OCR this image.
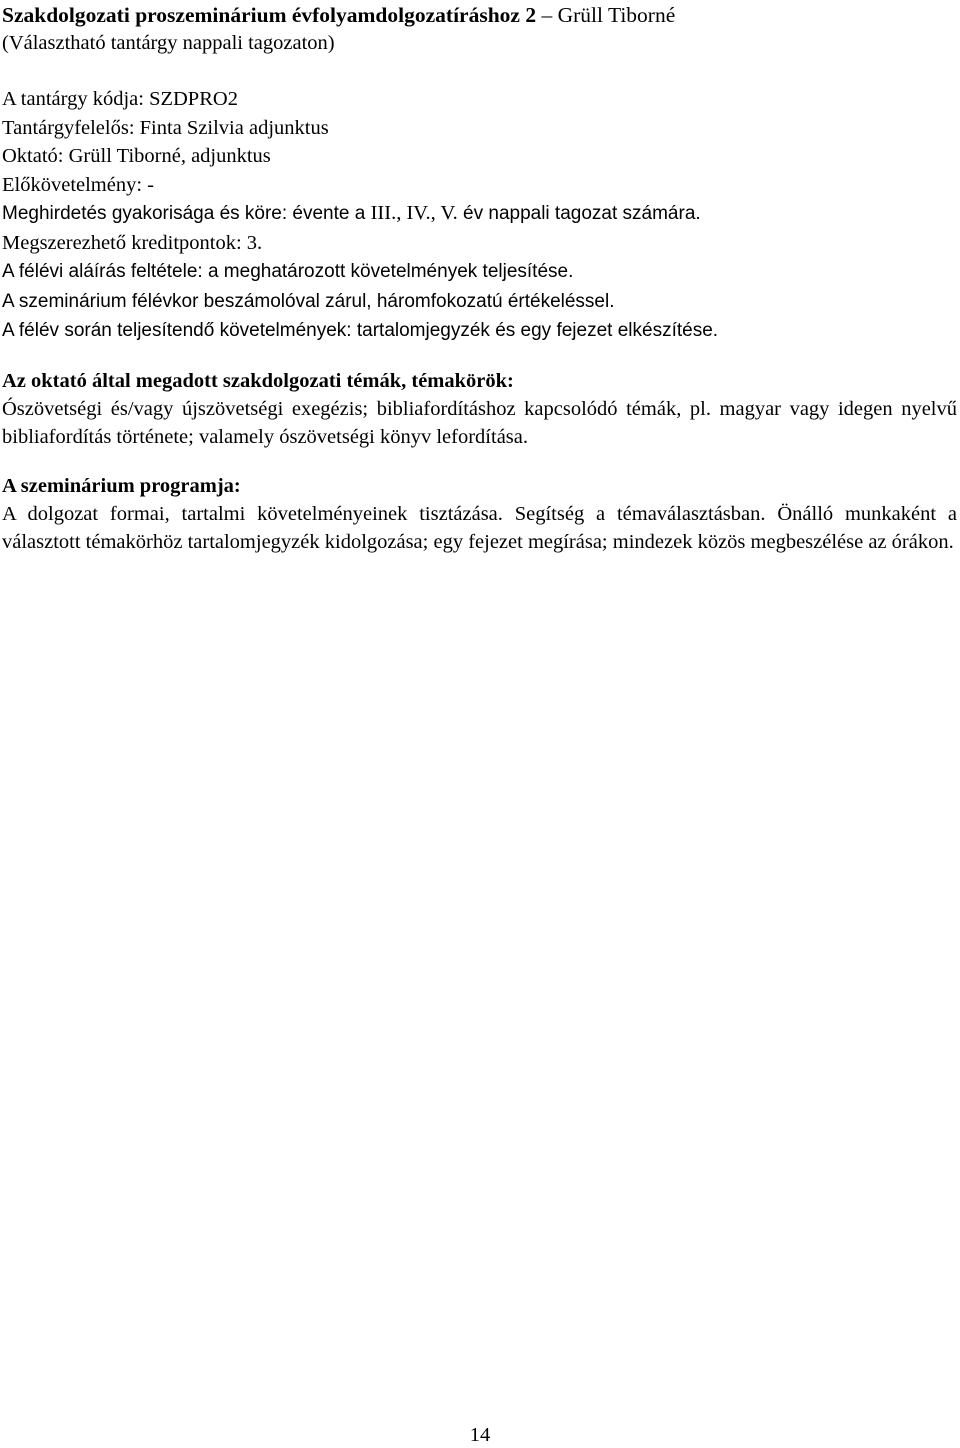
Szakdolgozati proszeminárium évfolyamdolgozatíráshoz 2 – Grüll Tiborné
(Választható tantárgy nappali tagozaton)
A tantárgy kódja: SZDPRO2
Tantárgyfelelős: Finta Szilvia adjunktus
Oktató: Grüll Tiborné, adjunktus
Előkövetelmény: -
Meghirdetés gyakorisága és köre: évente a III., IV., V. év nappali tagozat számára.
Megszerezhető kreditpontok: 3.
A félévi aláírás feltétele: a meghatározott követelmények teljesítése.
A szeminárium félévkor beszámolóval zárul, háromfokozatú értékeléssel.
A félév során teljesítendő követelmények: tartalomjegyzék és egy fejezet elkészítése.
Az oktató által megadott szakdolgozati témák, témakörök:
Ószövetségi és/vagy újszövetségi exegézis; bibliafordításhoz kapcsolódó témák, pl. magyar vagy idegen nyelvű bibliafordítás története; valamely ószövetségi könyv lefordítása.
A szeminárium programja:
A dolgozat formai, tartalmi követelményeinek tisztázása. Segítség a témaválasztásban. Önálló munkaként a választott témakörhöz tartalomjegyzék kidolgozása; egy fejezet megírása; mindezek közös megbeszélése az órákon.
14
